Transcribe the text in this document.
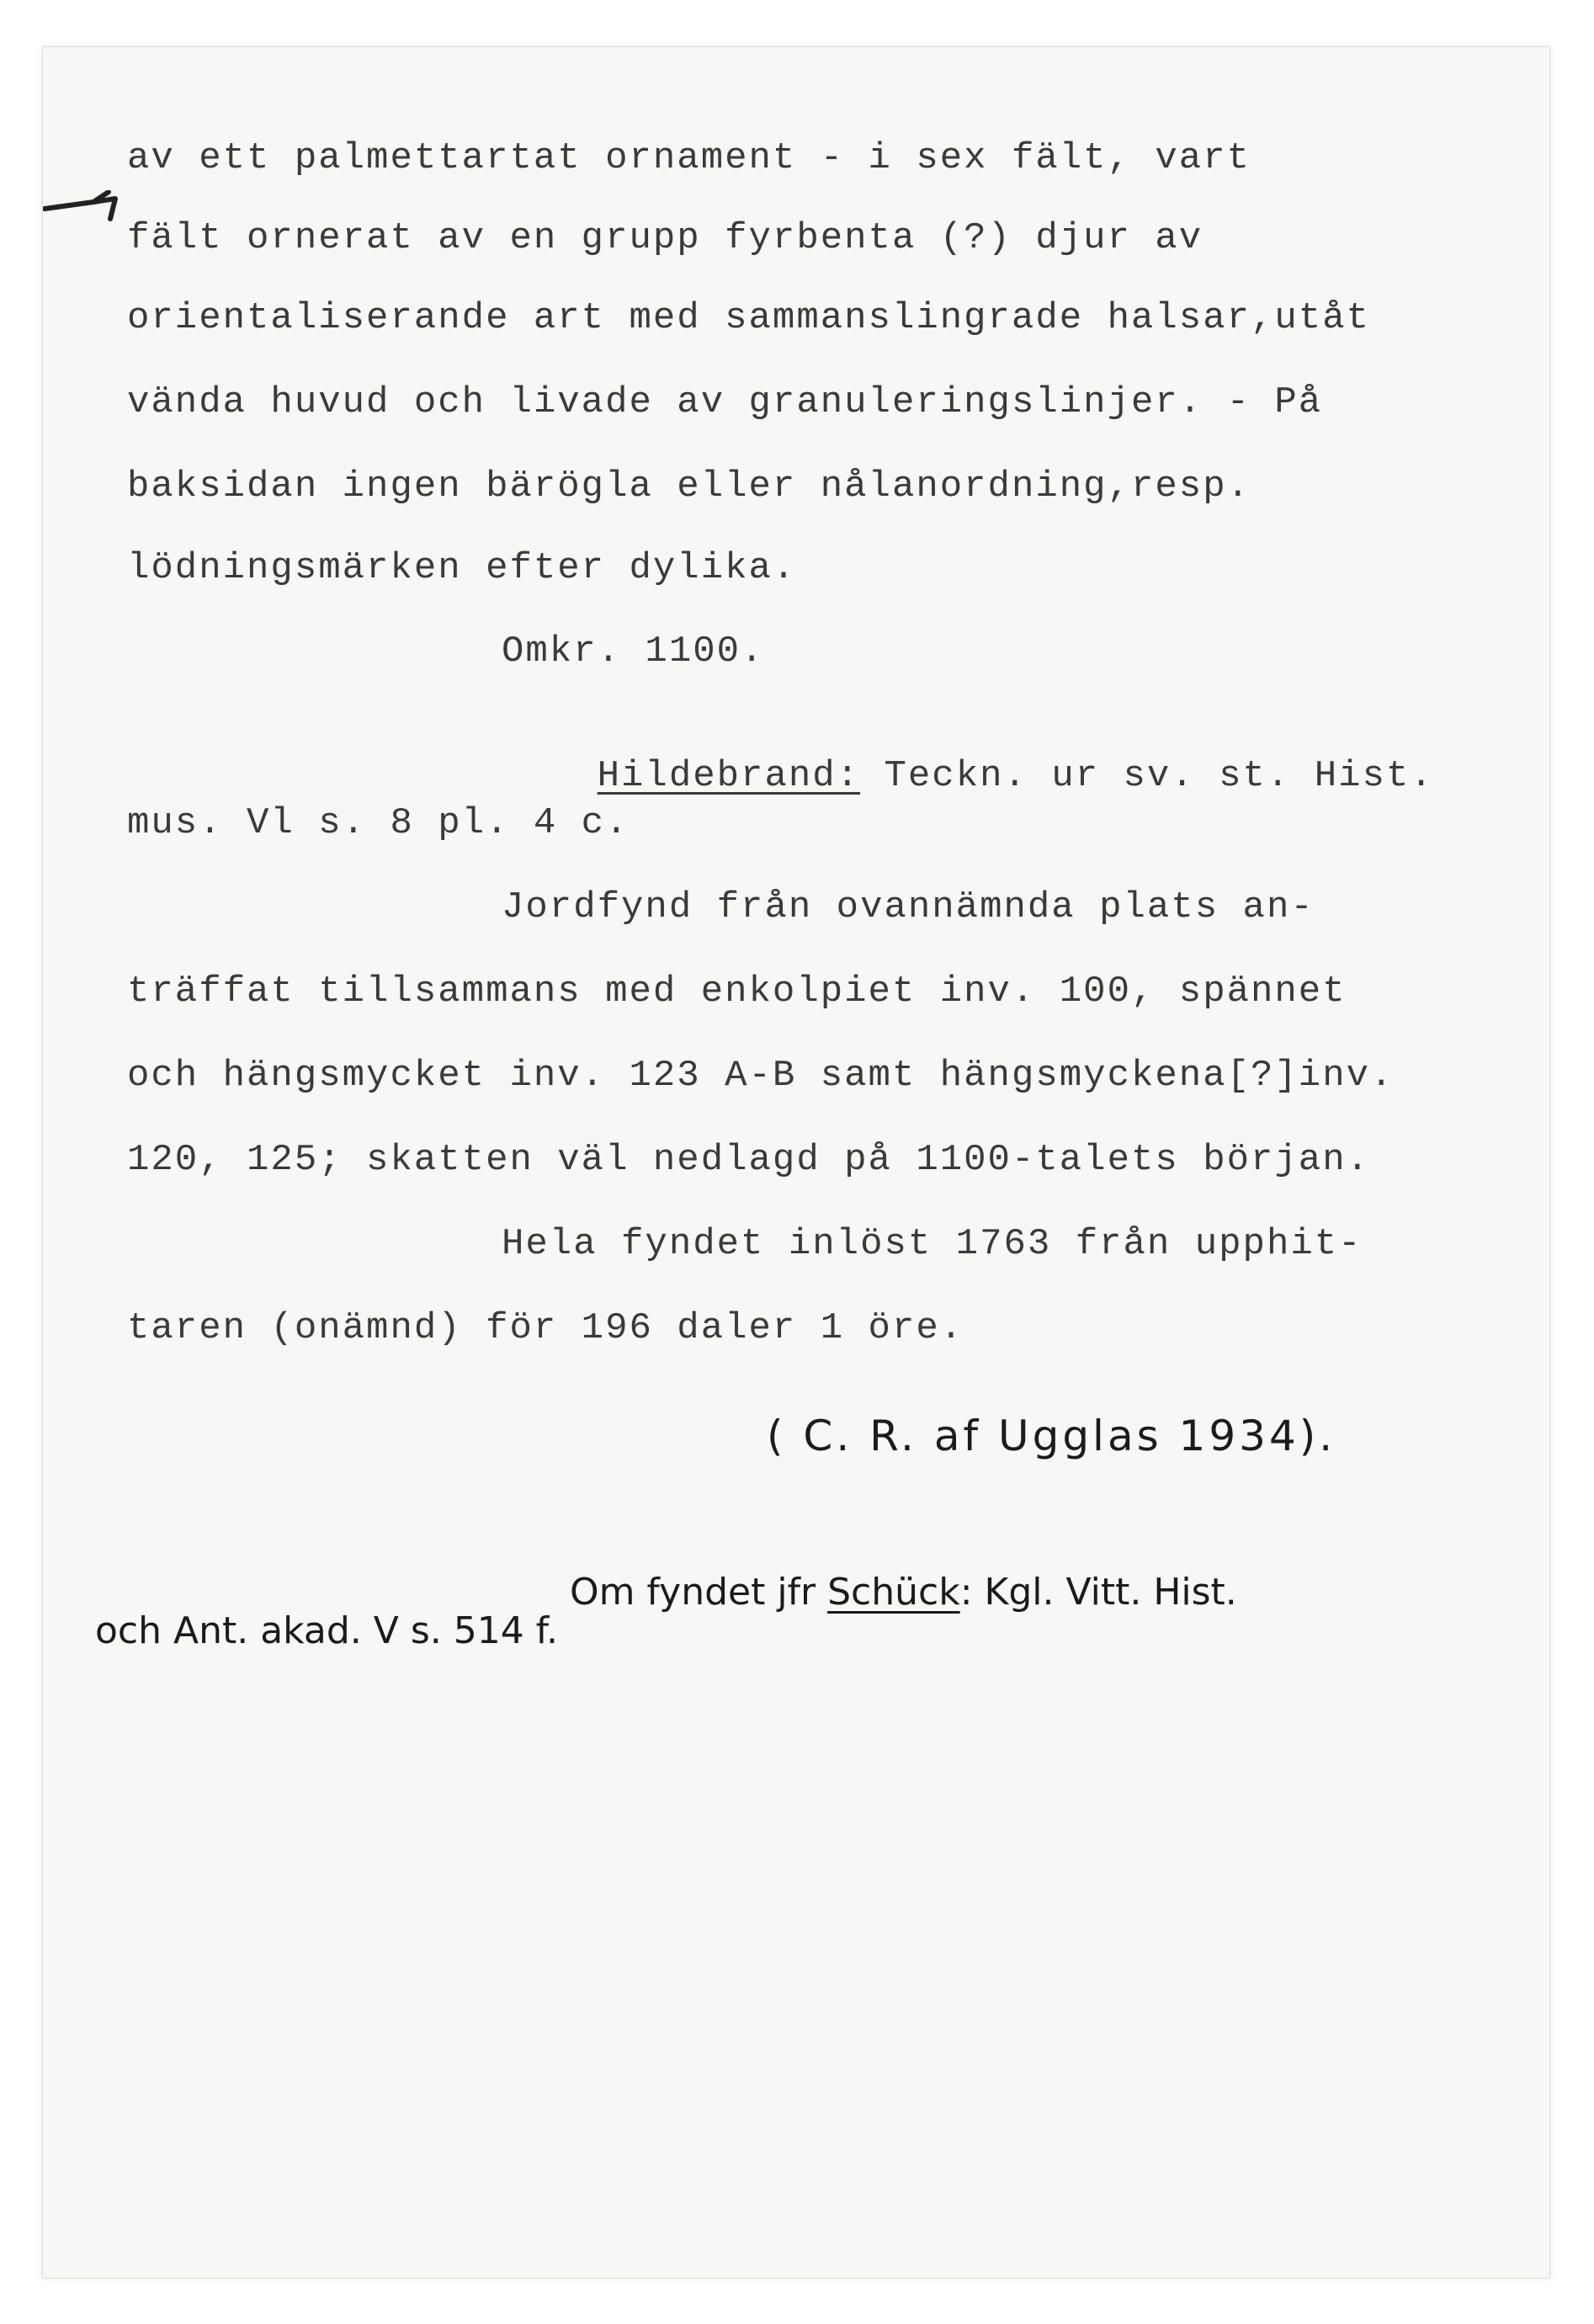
av ett palmettartat ornament - i sex fält, vart
fält ornerat av en grupp fyrbenta (?) djur av
orientaliserande art med sammanslingrade halsar,utåt
vända huvud och livade av granuleringslinjer. - På
baksidan ingen bärögla eller nålanordning,resp.
lödningsmärken efter dylika.
Omkr. 1100.

Hildebrand: Teckn. ur sv. st. Hist.

mus. Vl s. 8 pl. 4 c.
Jordfynd från ovannämnda plats an-
träffat tillsammans med enkolpiet inv. 100, spännet
och hängsmycket inv. 123 A-B samt hängsmyckena[?]inv.
120, 125; skatten väl nedlagd på 1100-talets början.
Hela fyndet inlöst 1763 från upphit-
taren (onämnd) för 196 daler 1 öre.
( C. R. af Ugglas 1934).

Om fyndet jfr Schück: Kgl. Vitt. Hist.

och Ant. akad. V s. 514 f.
